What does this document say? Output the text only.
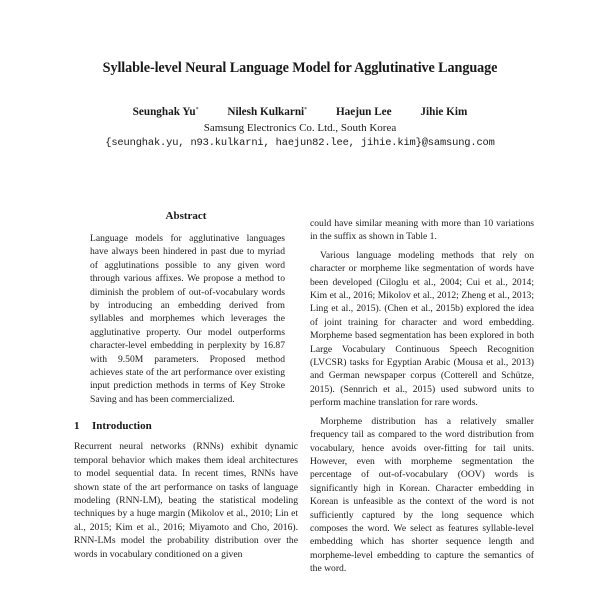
Syllable-level Neural Language Model for Agglutinative Language
Seunghak Yu*	Nilesh Kulkarni*	Haejun Lee	Jihie Kim
Samsung Electronics Co. Ltd., South Korea
{seunghak.yu, n93.kulkarni, haejun82.lee, jihie.kim}@samsung.com
Abstract

Language models for agglutinative languages have always been hindered in past due to myriad of agglutinations possible to any given word through various affixes. We propose a method to diminish the problem of out-of-vocabulary words by introducing an embedding derived from syllables and morphemes which leverages the agglutinative property. Our model outperforms character-level embedding in perplexity by 16.87 with 9.50M parameters. Proposed method achieves state of the art performance over existing input prediction methods in terms of Key Stroke Saving and has been commercialized.

1 Introduction

Recurrent neural networks (RNNs) exhibit dynamic temporal behavior which makes them ideal architectures to model sequential data. In recent times, RNNs have shown state of the art performance on tasks of language modeling (RNN-LM), beating the statistical modeling techniques by a huge margin (Mikolov et al., 2010; Lin et al., 2015; Kim et al., 2016; Miyamoto and Cho, 2016). RNN-LMs model the probability distribution over the words in vocabulary conditioned on a given

could have similar meaning with more than 10 variations in the suffix as shown in Table 1.

Various language modeling methods that rely on character or morpheme like segmentation of words have been developed (Ciloglu et al., 2004; Cui et al., 2014; Kim et al., 2016; Mikolov et al., 2012; Zheng et al., 2013; Ling et al., 2015). (Chen et al., 2015b) explored the idea of joint training for character and word embedding. Morpheme based segmentation has been explored in both Large Vocabulary Continuous Speech Recognition (LVCSR) tasks for Egyptian Arabic (Mousa et al., 2013) and German newspaper corpus (Cotterell and Schütze, 2015). (Sennrich et al., 2015) used subword units to perform machine translation for rare words.

Morpheme distribution has a relatively smaller frequency tail as compared to the word distribution from vocabulary, hence avoids over-fitting for tail units. However, even with morpheme segmentation the percentage of out-of-vocabulary (OOV) words is significantly high in Korean. Character embedding in Korean is unfeasible as the context of the word is not sufficiently captured by the long sequence which composes the word. We select as features syllable-level embedding which has shorter sequence length and morpheme-level embedding to capture the semantics of the word.
